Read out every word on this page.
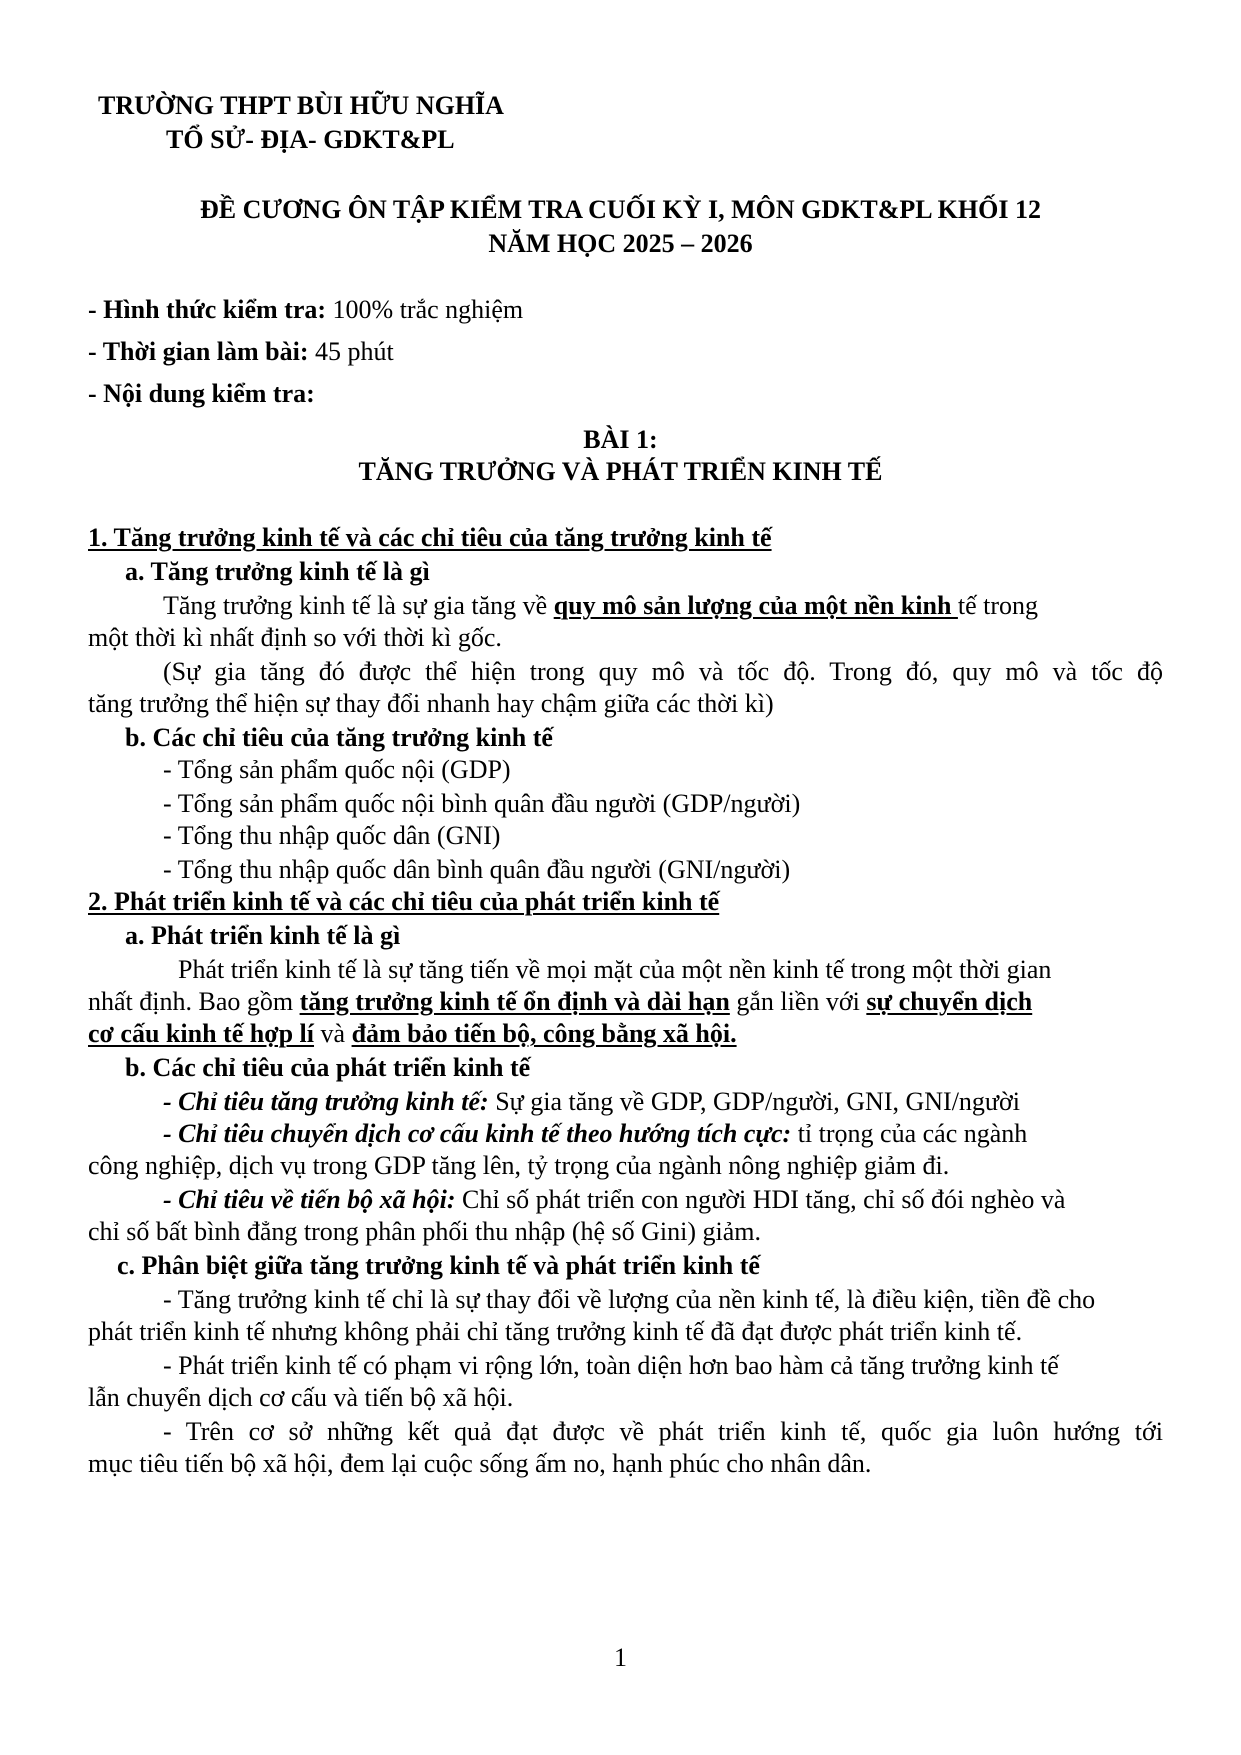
TRƯỜNG THPT BÙI HỮU NGHĨA
TỔ SỬ- ĐỊA- GDKT&PL
ĐỀ CƯƠNG ÔN TẬP KIỂM TRA CUỐI KỲ I, MÔN GDKT&PL KHỐI 12
NĂM HỌC 2025 – 2026
- Hình thức kiểm tra: 100% trắc nghiệm
- Thời gian làm bài: 45 phút
- Nội dung kiểm tra:
BÀI 1:
TĂNG TRƯỞNG VÀ PHÁT TRIỂN KINH TẾ
1. Tăng trưởng kinh tế và các chỉ tiêu của tăng trưởng kinh tế
a. Tăng trưởng kinh tế là gì
Tăng trưởng kinh tế là sự gia tăng về quy mô sản lượng của một nền kinh tế trong
một thời kì nhất định so với thời kì gốc.
(Sự gia tăng đó được thể hiện trong quy mô và tốc độ. Trong đó, quy mô và tốc độ
tăng trưởng thể hiện sự thay đổi nhanh hay chậm giữa các thời kì)
b. Các chỉ tiêu của tăng trưởng kinh tế
- Tổng sản phẩm quốc nội (GDP)
- Tổng sản phẩm quốc nội bình quân đầu người (GDP/người)
- Tổng thu nhập quốc dân (GNI)
- Tổng thu nhập quốc dân bình quân đầu người (GNI/người)
2. Phát triển kinh tế và các chỉ tiêu của phát triển kinh tế
a. Phát triển kinh tế là gì
Phát triển kinh tế là sự tăng tiến về mọi mặt của một nền kinh tế trong một thời gian
nhất định. Bao gồm tăng trưởng kinh tế ổn định và dài hạn gắn liền với sự chuyển dịch
cơ cấu kinh tế hợp lí và đảm bảo tiến bộ, công bằng xã hội.
b. Các chỉ tiêu của phát triển kinh tế
- Chỉ tiêu tăng trưởng kinh tế: Sự gia tăng về GDP, GDP/người, GNI, GNI/người
- Chỉ tiêu chuyển dịch cơ cấu kinh tế theo hướng tích cực: tỉ trọng của các ngành
công nghiệp, dịch vụ trong GDP tăng lên, tỷ trọng của ngành nông nghiệp giảm đi.
- Chỉ tiêu về tiến bộ xã hội: Chỉ số phát triển con người HDI tăng, chỉ số đói nghèo và
chỉ số bất bình đẳng trong phân phối thu nhập (hệ số Gini) giảm.
c. Phân biệt giữa tăng trưởng kinh tế và phát triển kinh tế
- Tăng trưởng kinh tế chỉ là sự thay đổi về lượng của nền kinh tế, là điều kiện, tiền đề cho
phát triển kinh tế nhưng không phải chỉ tăng trưởng kinh tế đã đạt được phát triển kinh tế.
- Phát triển kinh tế có phạm vi rộng lớn, toàn diện hơn bao hàm cả tăng trưởng kinh tế
lẫn chuyển dịch cơ cấu và tiến bộ xã hội.
- Trên cơ sở những kết quả đạt được về phát triển kinh tế, quốc gia luôn hướng tới
mục tiêu tiến bộ xã hội, đem lại cuộc sống ấm no, hạnh phúc cho nhân dân.
1
